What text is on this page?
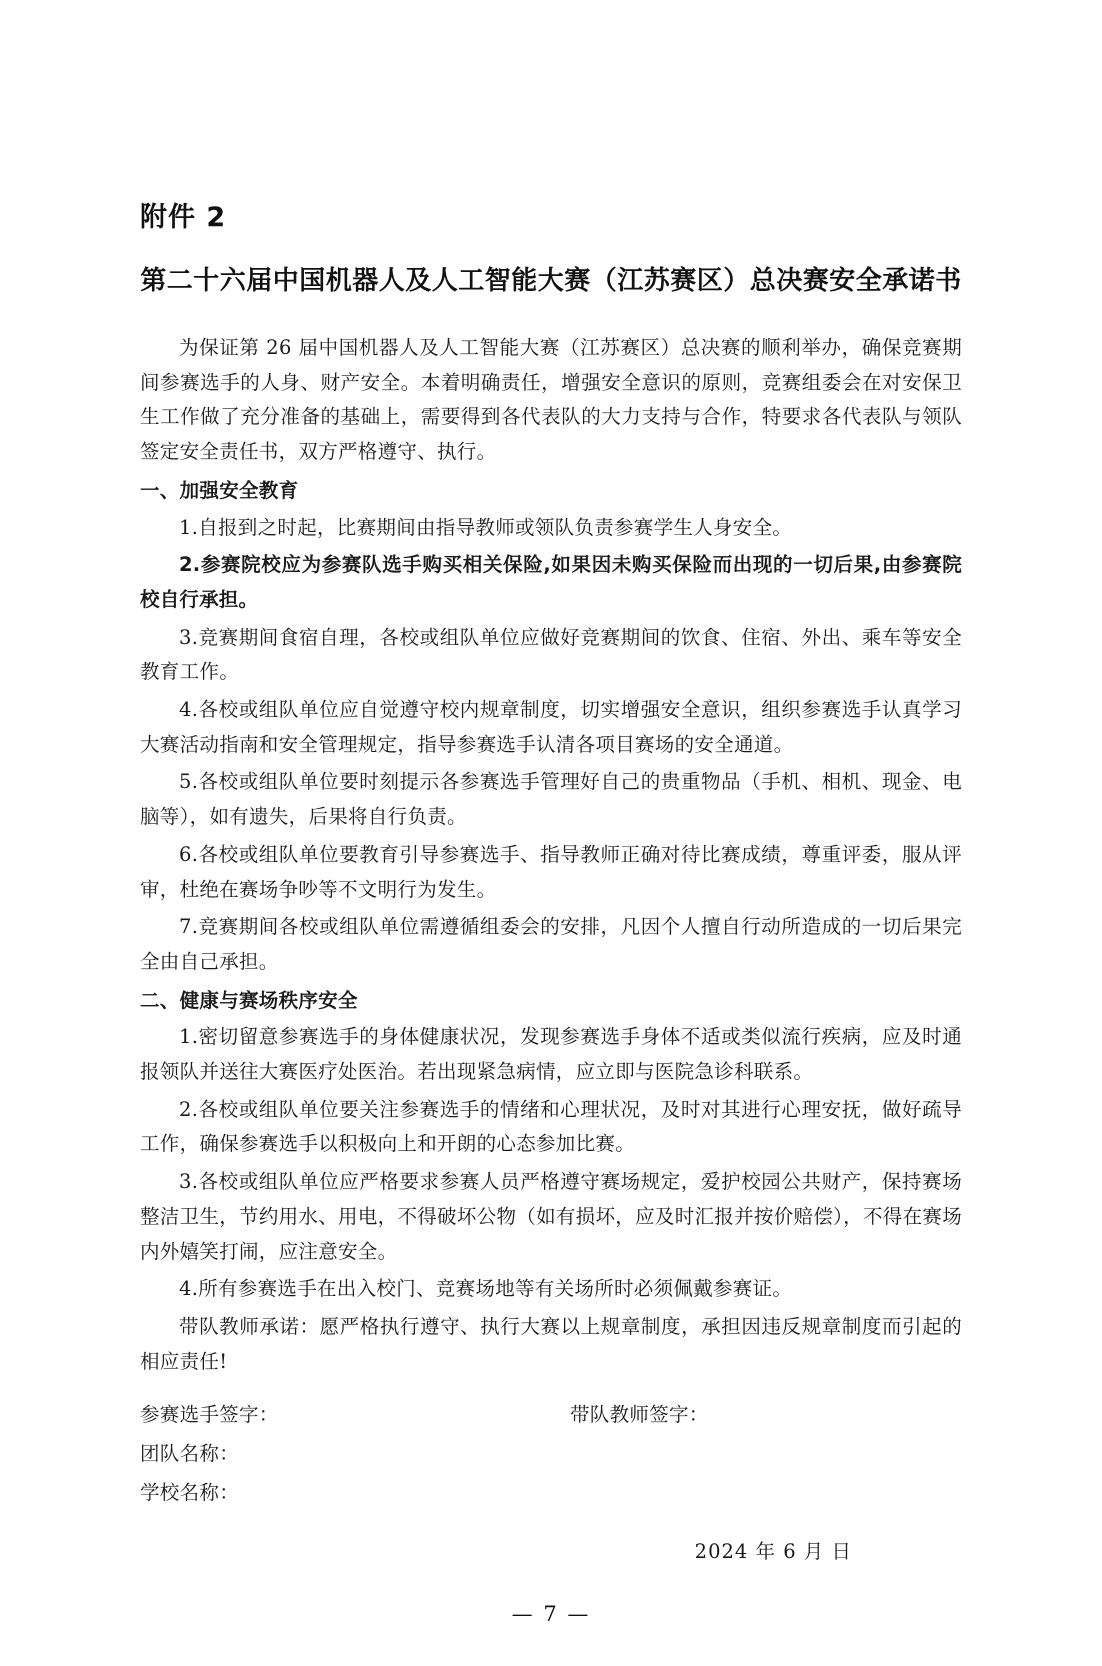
附件 2
第二十六届中国机器人及人工智能大赛（江苏赛区）总决赛安全承诺书

为保证第 26 届中国机器人及人工智能大赛（江苏赛区）总决赛的顺利举办，确保竞赛期间参赛选手的人身、财产安全。本着明确责任，增强安全意识的原则，竞赛组委会在对安保卫生工作做了充分准备的基础上，需要得到各代表队的大力支持与合作，特要求各代表队与领队签定安全责任书，双方严格遵守、执行。

一、加强安全教育

1.自报到之时起，比赛期间由指导教师或领队负责参赛学生人身安全。

2.参赛院校应为参赛队选手购买相关保险,如果因未购买保险而出现的一切后果,由参赛院校自行承担。

3.竞赛期间食宿自理，各校或组队单位应做好竞赛期间的饮食、住宿、外出、乘车等安全教育工作。

4.各校或组队单位应自觉遵守校内规章制度，切实增强安全意识，组织参赛选手认真学习大赛活动指南和安全管理规定，指导参赛选手认清各项目赛场的安全通道。

5.各校或组队单位要时刻提示各参赛选手管理好自己的贵重物品（手机、相机、现金、电脑等），如有遗失，后果将自行负责。

6.各校或组队单位要教育引导参赛选手、指导教师正确对待比赛成绩，尊重评委，服从评审，杜绝在赛场争吵等不文明行为发生。

7.竞赛期间各校或组队单位需遵循组委会的安排，凡因个人擅自行动所造成的一切后果完全由自己承担。

二、健康与赛场秩序安全

1.密切留意参赛选手的身体健康状况，发现参赛选手身体不适或类似流行疾病，应及时通报领队并送往大赛医疗处医治。若出现紧急病情，应立即与医院急诊科联系。

2.各校或组队单位要关注参赛选手的情绪和心理状况，及时对其进行心理安抚，做好疏导工作，确保参赛选手以积极向上和开朗的心态参加比赛。

3.各校或组队单位应严格要求参赛人员严格遵守赛场规定，爱护校园公共财产，保持赛场整洁卫生，节约用水、用电，不得破坏公物（如有损坏，应及时汇报并按价赔偿），不得在赛场内外嬉笑打闹，应注意安全。

4.所有参赛选手在出入校门、竞赛场地等有关场所时必须佩戴参赛证。

带队教师承诺：愿严格执行遵守、执行大赛以上规章制度，承担因违反规章制度而引起的相应责任!

参赛选手签字：	带队教师签字：
团队名称：
学校名称：
2024 年 6 月 日
— 7 —
